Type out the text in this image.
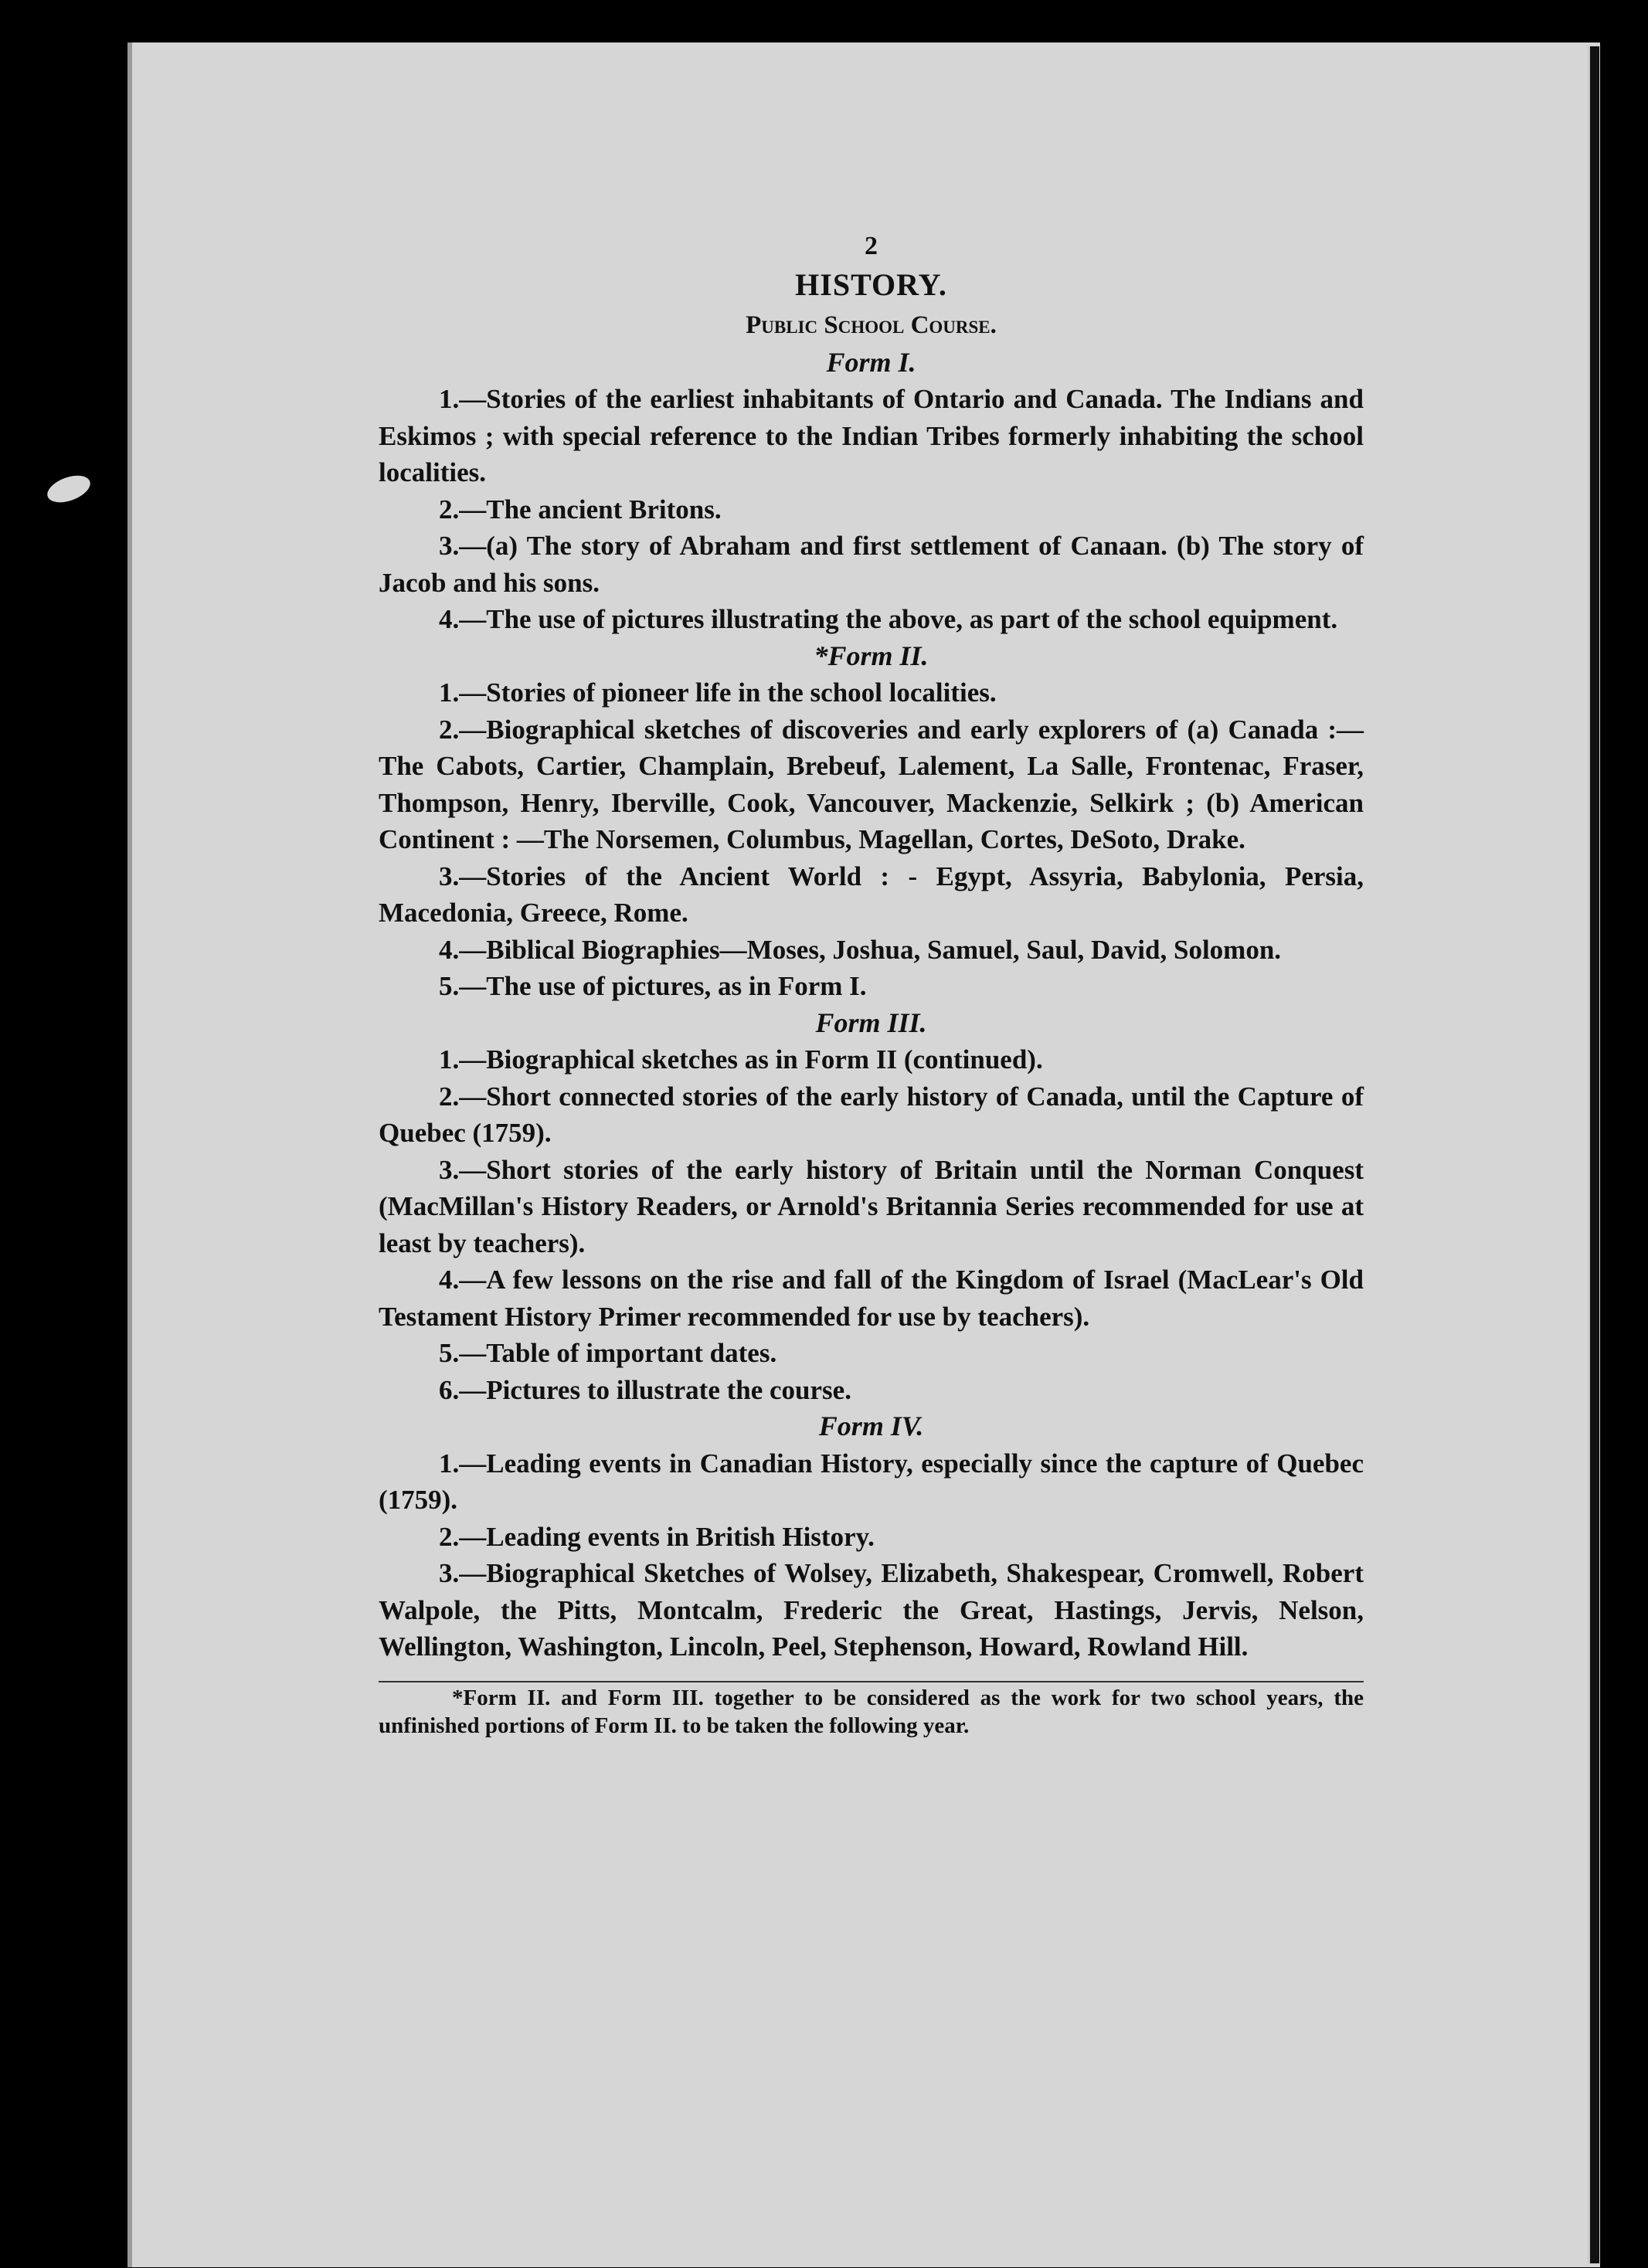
2
HISTORY.
Public School Course.
Form I.

1.—Stories of the earliest inhabitants of Ontario and Canada. The Indians and Eskimos ; with special reference to the Indian Tribes formerly inhabiting the school localities.

2.—The ancient Britons.

3.—(a) The story of Abraham and first settlement of Canaan. (b) The story of Jacob and his sons.

4.—The use of pictures illustrating the above, as part of the school equipment.

*Form II.

1.—Stories of pioneer life in the school localities.

2.—Biographical sketches of discoveries and early explorers of (a) Canada :—The Cabots, Cartier, Champlain, Brebeuf, Lalement, La Salle, Frontenac, Fraser, Thompson, Henry, Iberville, Cook, Vancouver, Mackenzie, Selkirk ; (b) American Continent : —The Norsemen, Columbus, Magellan, Cortes, DeSoto, Drake.

3.—Stories of the Ancient World : - Egypt, Assyria, Babylonia, Persia, Macedonia, Greece, Rome.

4.—Biblical Biographies—Moses, Joshua, Samuel, Saul, David, Solomon.

5.—The use of pictures, as in Form I.

Form III.

1.—Biographical sketches as in Form II (continued).

2.—Short connected stories of the early history of Canada, until the Capture of Quebec (1759).

3.—Short stories of the early history of Britain until the Norman Conquest (MacMillan's History Readers, or Arnold's Britannia Series recommended for use at least by teachers).

4.—A few lessons on the rise and fall of the Kingdom of Israel (MacLear's Old Testament History Primer recommended for use by teachers).

5.—Table of important dates.

6.—Pictures to illustrate the course.

Form IV.

1.—Leading events in Canadian History, especially since the capture of Quebec (1759).

2.—Leading events in British History.

3.—Biographical Sketches of Wolsey, Elizabeth, Shakespear, Cromwell, Robert Walpole, the Pitts, Montcalm, Frederic the Great, Hastings, Jervis, Nelson, Wellington, Washington, Lincoln, Peel, Stephenson, Howard, Rowland Hill.

*Form II. and Form III. together to be considered as the work for two school years, the unfinished portions of Form II. to be taken the following year.
